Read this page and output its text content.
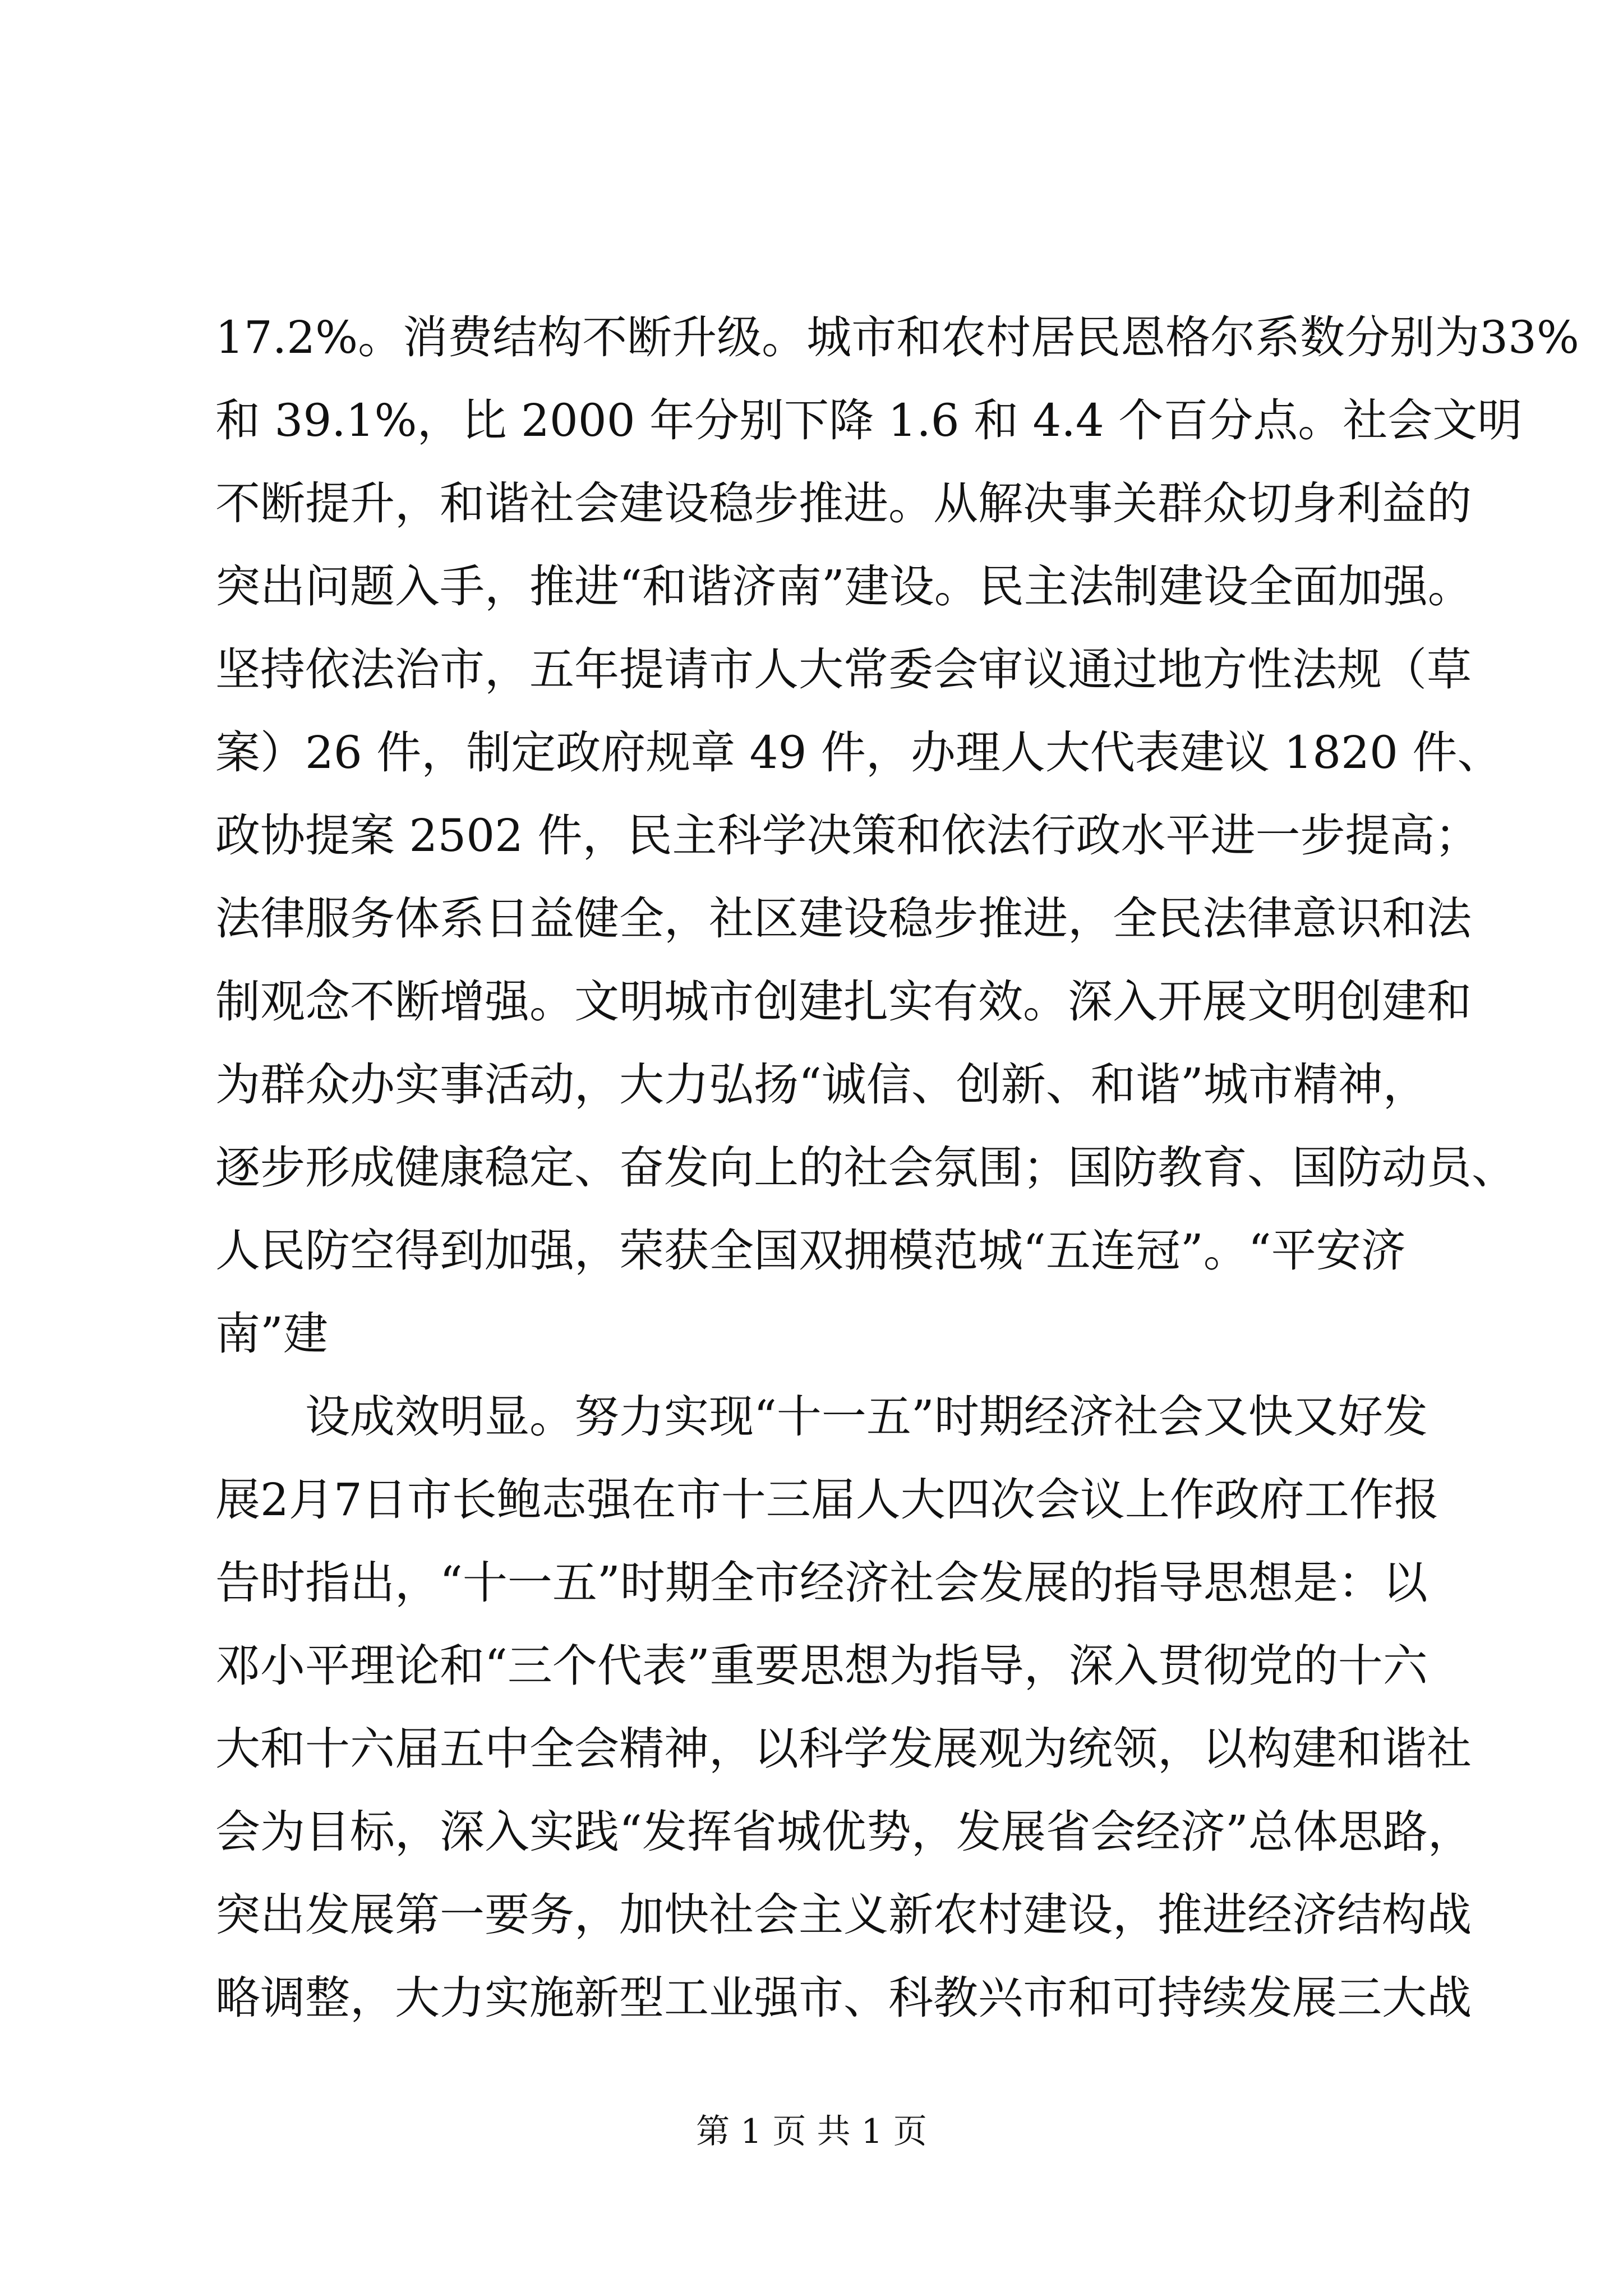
17.2%。消费结构不断升级。城市和农村居民恩格尔系数分别为33%
和 39.1%，比 2000 年分别下降 1.6 和 4.4 个百分点。社会文明
不断提升，和谐社会建设稳步推进。从解决事关群众切身利益的
突出问题入手，推进“和谐济南”建设。民主法制建设全面加强。
坚持依法治市，五年提请市人大常委会审议通过地方性法规（草
案）26 件，制定政府规章 49 件，办理人大代表建议 1820 件、
政协提案 2502 件，民主科学决策和依法行政水平进一步提高；
法律服务体系日益健全，社区建设稳步推进，全民法律意识和法
制观念不断增强。文明城市创建扎实有效。深入开展文明创建和
为群众办实事活动，大力弘扬“诚信、创新、和谐”城市精神，
逐步形成健康稳定、奋发向上的社会氛围；国防教育、国防动员、
人民防空得到加强，荣获全国双拥模范城“五连冠”。“平安济
南”建
设成效明显。努力实现“十一五”时期经济社会又快又好发
展2月7日市长鲍志强在市十三届人大四次会议上作政府工作报
告时指出，“十一五”时期全市经济社会发展的指导思想是：以
邓小平理论和“三个代表”重要思想为指导，深入贯彻党的十六
大和十六届五中全会精神，以科学发展观为统领，以构建和谐社
会为目标，深入实践“发挥省城优势，发展省会经济”总体思路，
突出发展第一要务，加快社会主义新农村建设，推进经济结构战
略调整，大力实施新型工业强市、科教兴市和可持续发展三大战
第 1 页 共 1 页
